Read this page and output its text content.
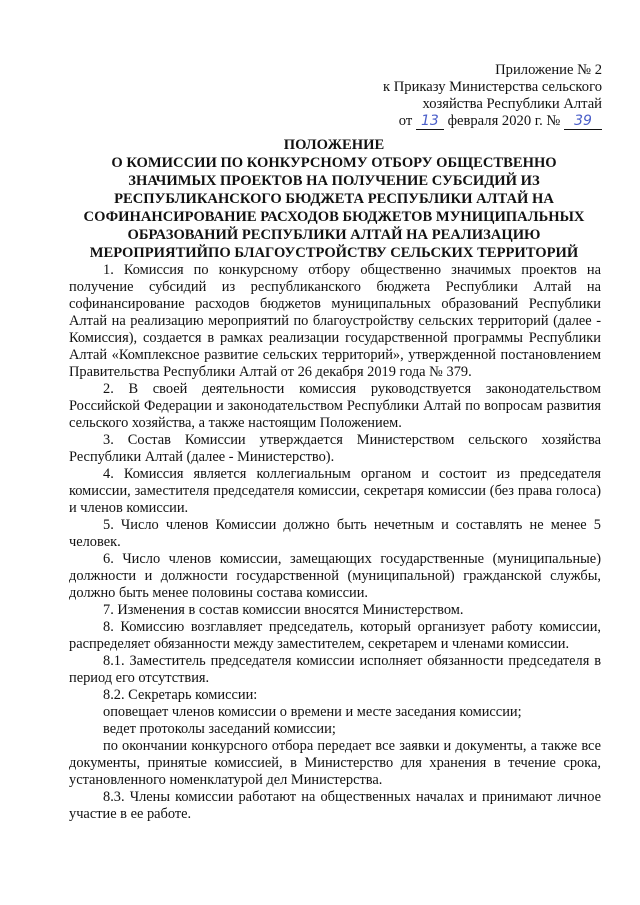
Приложение № 2
к Приказу Министерства сельского
хозяйства Республики Алтай
от 13 февраля 2020 г. № 39
ПОЛОЖЕНИЕ
О КОМИССИИ ПО КОНКУРСНОМУ ОТБОРУ ОБЩЕСТВЕННО
ЗНАЧИМЫХ ПРОЕКТОВ НА ПОЛУЧЕНИЕ СУБСИДИЙ ИЗ
РЕСПУБЛИКАНСКОГО БЮДЖЕТА РЕСПУБЛИКИ АЛТАЙ НА
СОФИНАНСИРОВАНИЕ РАСХОДОВ БЮДЖЕТОВ МУНИЦИПАЛЬНЫХ
ОБРАЗОВАНИЙ РЕСПУБЛИКИ АЛТАЙ НА РЕАЛИЗАЦИЮ
МЕРОПРИЯТИЙПО БЛАГОУСТРОЙСТВУ СЕЛЬСКИХ ТЕРРИТОРИЙ

1. Комиссия по конкурсному отбору общественно значимых проектов на получение субсидий из республиканского бюджета Республики Алтай на софинансирование расходов бюджетов муниципальных образований Республики Алтай на реализацию мероприятий по благоустройству сельских территорий (далее - Комиссия), создается в рамках реализации государственной программы Республики Алтай «Комплексное развитие сельских территорий», утвержденной постановлением Правительства Республики Алтай от 26 декабря 2019 года № 379.

2. В своей деятельности комиссия руководствуется законодательством Российской Федерации и законодательством Республики Алтай по вопросам развития сельского хозяйства, а также настоящим Положением.

3. Состав Комиссии утверждается Министерством сельского хозяйства Республики Алтай (далее - Министерство).

4. Комиссия является коллегиальным органом и состоит из председателя комиссии, заместителя председателя комиссии, секретаря комиссии (без права голоса) и членов комиссии.

5. Число членов Комиссии должно быть нечетным и составлять не менее 5 человек.

6. Число членов комиссии, замещающих государственные (муниципальные) должности и должности государственной (муниципальной) гражданской службы, должно быть менее половины состава комиссии.

7. Изменения в состав комиссии вносятся Министерством.

8. Комиссию возглавляет председатель, который организует работу комиссии, распределяет обязанности между заместителем, секретарем и членами комиссии.

8.1. Заместитель председателя комиссии исполняет обязанности председателя в период его отсутствия.

8.2. Секретарь комиссии:

оповещает членов комиссии о времени и месте заседания комиссии;

ведет протоколы заседаний комиссии;

по окончании конкурсного отбора передает все заявки и документы, а также все документы, принятые комиссией, в Министерство для хранения в течение срока, установленного номенклатурой дел Министерства.

8.3. Члены комиссии работают на общественных началах и принимают личное участие в ее работе.
